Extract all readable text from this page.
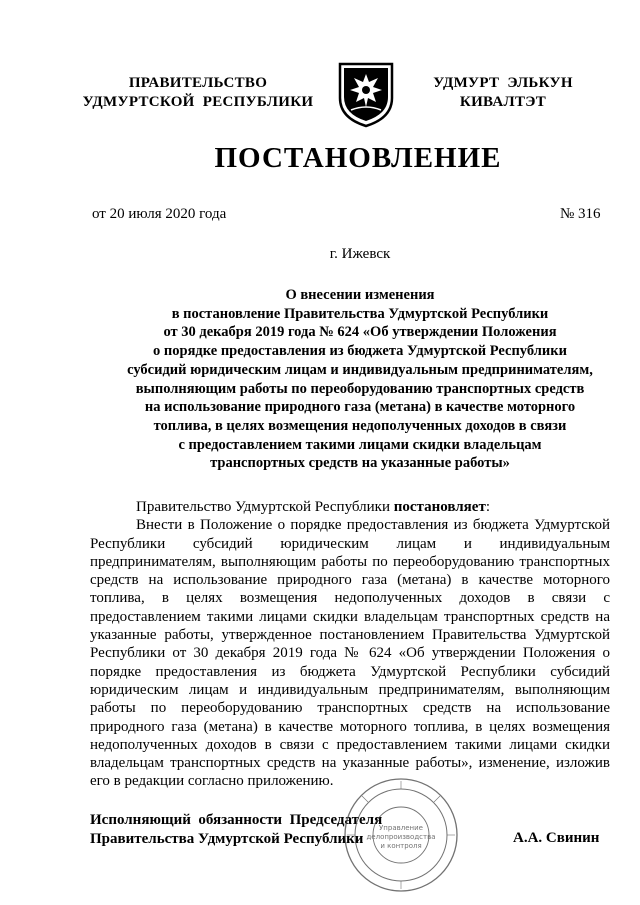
ПРАВИТЕЛЬСТВО
УДМУРТСКОЙ  РЕСПУБЛИКИ
УДМУРТ  ЭЛЬКУН
КИВАЛТЭТ
ПОСТАНОВЛЕНИЕ
от 20 июля 2020 года	№ 316
г. Ижевск
О внесении изменения
в постановление Правительства Удмуртской Республики
от 30 декабря 2019 года № 624 «Об утверждении Положения
о порядке предоставления из бюджета Удмуртской Республики
субсидий юридическим лицам и индивидуальным предпринимателям,
выполняющим работы по переоборудованию транспортных средств
на использование природного газа (метана) в качестве моторного
топлива, в целях возмещения недополученных доходов в связи
с предоставлением такими лицами скидки владельцам
транспортных средств на указанные работы»

Правительство Удмуртской Республики постановляет:

Внести в Положение о порядке предоставления из бюджета Удмуртской Республики субсидий юридическим лицам и индивидуальным предпринимателям, выполняющим работы по переоборудованию транспортных средств на использование природного газа (метана) в качестве моторного топлива, в целях возмещения недополученных доходов в связи с предоставлением такими лицами скидки владельцам транспортных средств на указанные работы, утвержденное постановлением Правительства Удмуртской Республики от 30 декабря 2019 года № 624 «Об утверждении Положения о порядке предоставления из бюджета Удмуртской Республики субсидий юридическим лицам и индивидуальным предпринимателям, выполняющим работы по переоборудованию транспортных средств на использование природного газа (метана) в качестве моторного топлива, в целях возмещения недополученных доходов в связи с предоставлением такими лицами скидки владельцам транспортных средств на указанные работы», изменение, изложив его в редакции согласно приложению.

Исполняющий  обязанности  Председателя
Правительства Удмуртской Республики	А.А. Свинин
Управление
делопроизводства
и контроля
